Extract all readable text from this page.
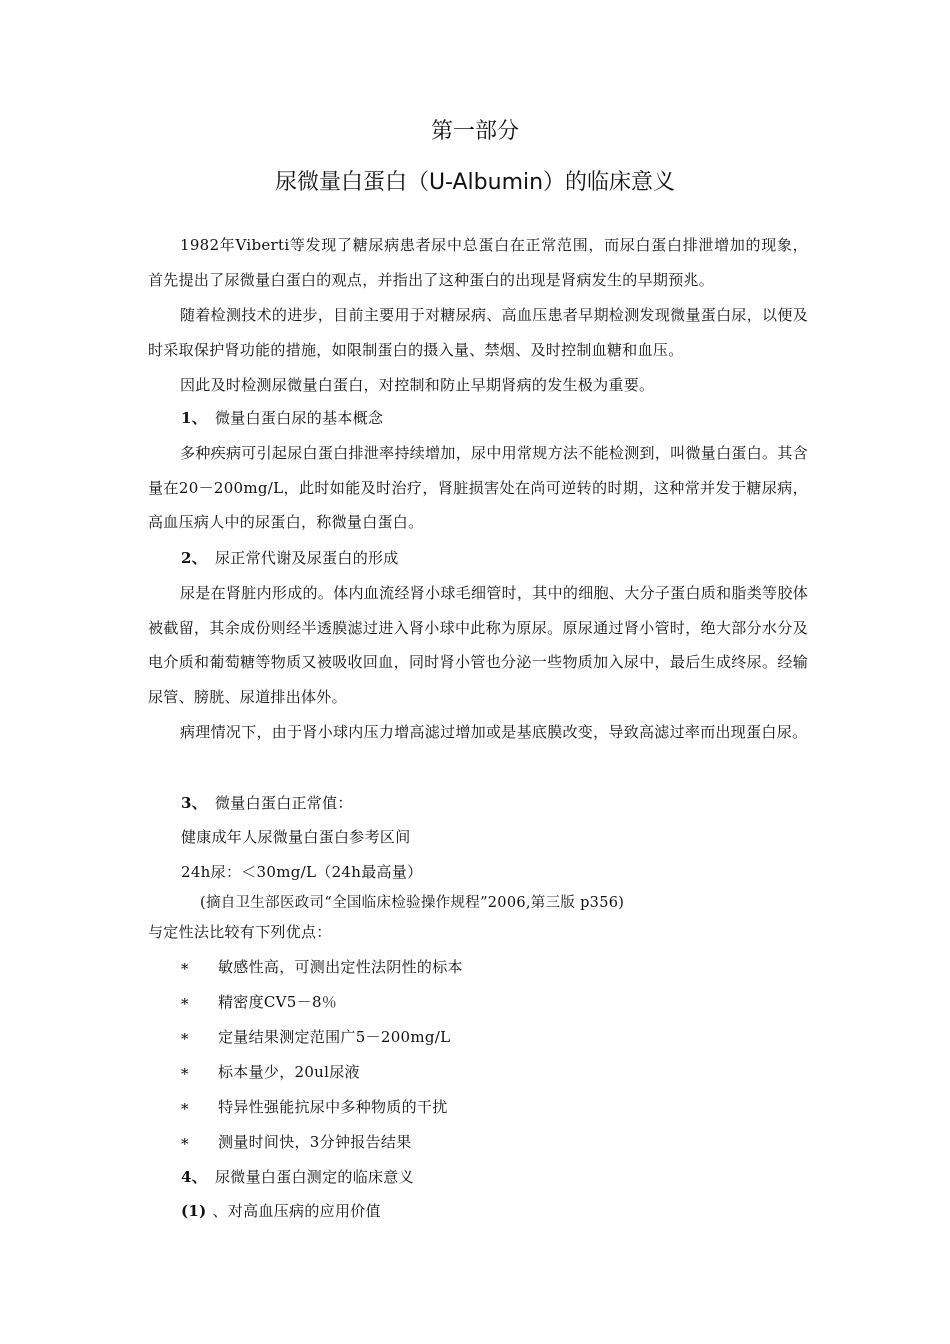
第一部分
尿微量白蛋白（U-Albumin）的临床意义
1982年Viberti等发现了糖尿病患者尿中总蛋白在正常范围，而尿白蛋白排泄增加的现象，首先提出了尿微量白蛋白的观点，并指出了这种蛋白的出现是肾病发生的早期预兆。
随着检测技术的进步，目前主要用于对糖尿病、高血压患者早期检测发现微量蛋白尿，以便及时采取保护肾功能的措施，如限制蛋白的摄入量、禁烟、及时控制血糖和血压。
因此及时检测尿微量白蛋白，对控制和防止早期肾病的发生极为重要。
1、 微量白蛋白尿的基本概念
多种疾病可引起尿白蛋白排泄率持续增加，尿中用常规方法不能检测到，叫微量白蛋白。其含量在20－200mg/L，此时如能及时治疗，肾脏损害处在尚可逆转的时期，这种常并发于糖尿病，高血压病人中的尿蛋白，称微量白蛋白。
2、 尿正常代谢及尿蛋白的形成
尿是在肾脏内形成的。体内血流经肾小球毛细管时，其中的细胞、大分子蛋白质和脂类等胶体被截留，其余成份则经半透膜滤过进入肾小球中此称为原尿。原尿通过肾小管时，绝大部分水分及电介质和葡萄糖等物质又被吸收回血，同时肾小管也分泌一些物质加入尿中，最后生成终尿。经输尿管、膀胱、尿道排出体外。
病理情况下，由于肾小球内压力增高滤过增加或是基底膜改变，导致高滤过率而出现蛋白尿。
3、 微量白蛋白正常值：
健康成年人尿微量白蛋白参考区间
24h尿：＜30mg/L（24h最高量）
(摘自卫生部医政司“全国临床检验操作规程”2006,第三版 p356)
与定性法比较有下列优点：
* 敏感性高，可测出定性法阴性的标本
* 精密度CV5－8％
* 定量结果测定范围广5－200mg/L
* 标本量少，20ul尿液
* 特异性强能抗尿中多种物质的干扰
* 测量时间快，3分钟报告结果
4、 尿微量白蛋白测定的临床意义
(1) 、对高血压病的应用价值
